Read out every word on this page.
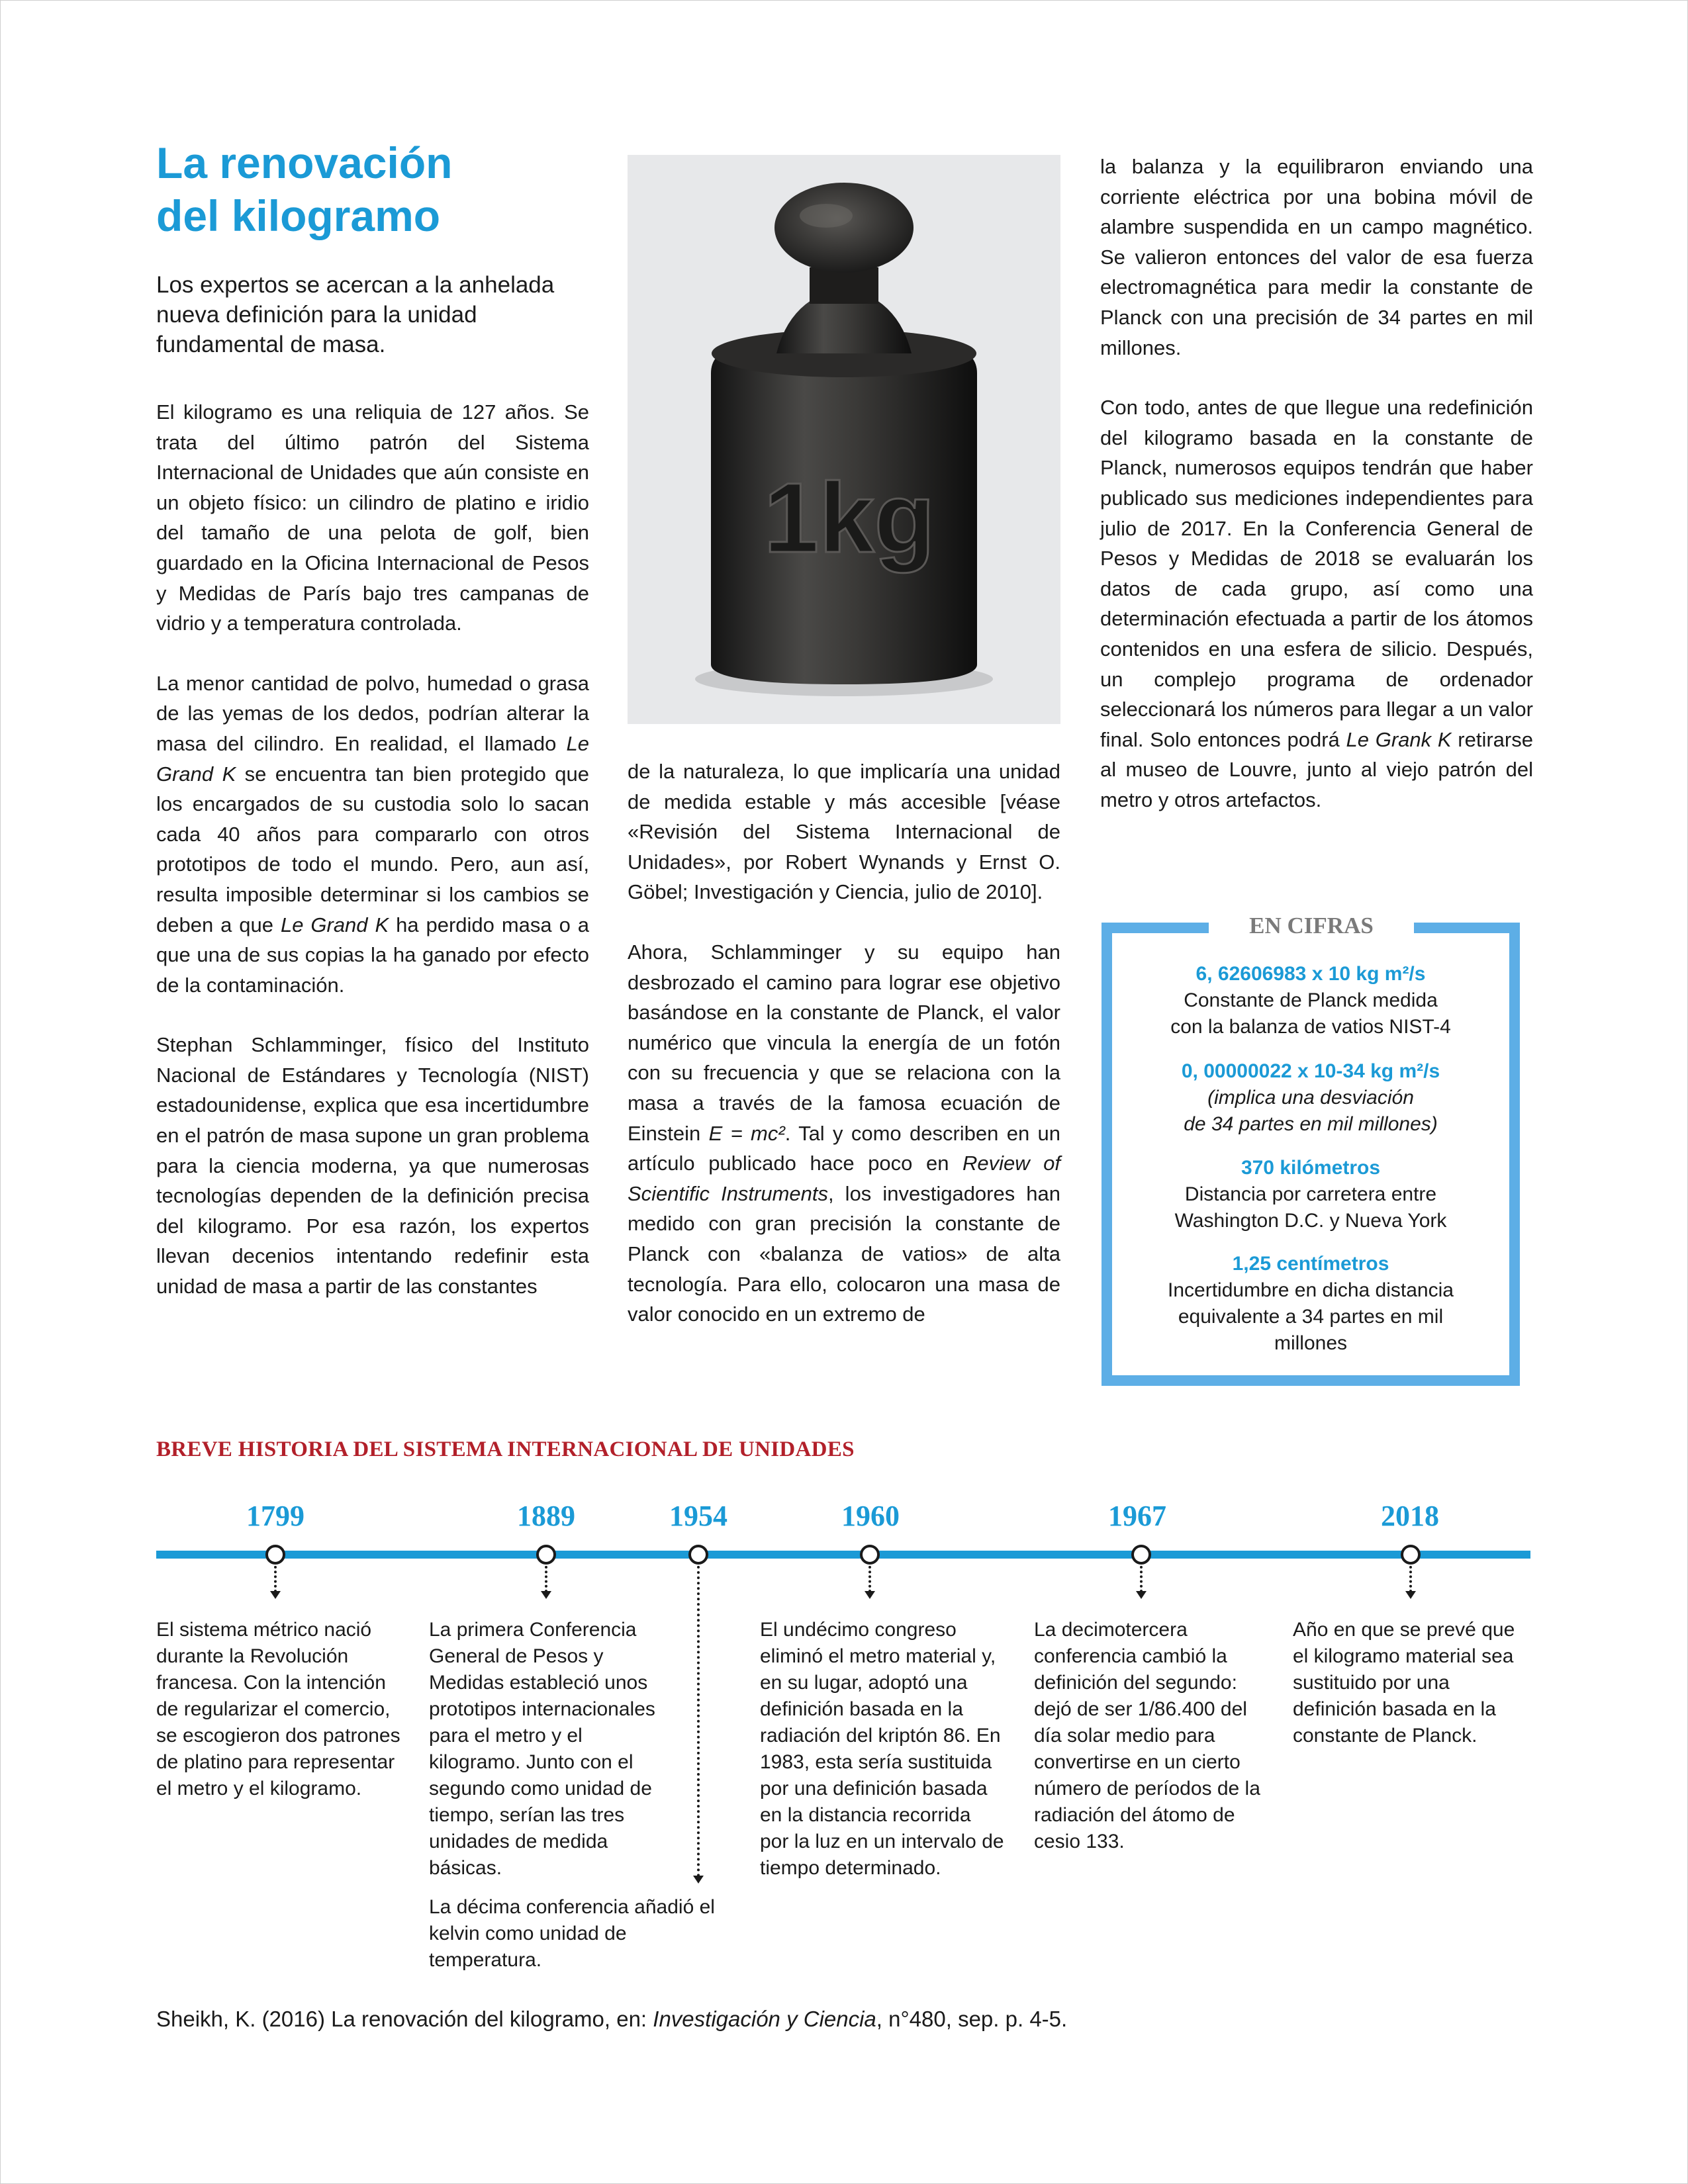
La renovación
del kilogramo
Los expertos se acercan a la anhelada nueva definición para la unidad fundamental de masa.

El kilogramo es una reliquia de 127 años. Se trata del último patrón del Sistema Internacional de Unidades que aún consiste en un objeto físico: un cilindro de platino e iridio del tamaño de una pelota de golf, bien guardado en la Oficina Internacional de Pesos y Medidas de París bajo tres campanas de vidrio y a temperatura controlada.

La menor cantidad de polvo, humedad o grasa de las yemas de los dedos, podrían alterar la masa del cilindro. En realidad, el llamado Le Grand K se encuentra tan bien protegido que los encargados de su custodia solo lo sacan cada 40 años para compararlo con otros prototipos de todo el mundo. Pero, aun así, resulta imposible determinar si los cambios se deben a que Le Grand K ha perdido masa o a que una de sus copias la ha ganado por efecto de la contaminación.

Stephan Schlamminger, físico del Instituto Nacional de Estándares y Tecnología (NIST) estadounidense, explica que esa incertidumbre en el patrón de masa supone un gran problema para la ciencia moderna, ya que numerosas tecnologías dependen de la definición precisa del kilogramo. Por esa razón, los expertos llevan decenios intentando redefinir esta unidad de masa a partir de las constantes

1kg

de la naturaleza, lo que implicaría una unidad de medida estable y más accesible [véase «Revisión del Sistema Internacional de Unidades», por Robert Wynands y Ernst O. Göbel; Investigación y Ciencia, julio de 2010].

Ahora, Schlamminger y su equipo han desbrozado el camino para lograr ese objetivo basándose en la constante de Planck, el valor numérico que vincula la energía de un fotón con su frecuencia y que se relaciona con la masa a través de la famosa ecuación de Einstein E = mc². Tal y como describen en un artículo publicado hace poco en Review of Scientific Instruments, los investigadores han medido con gran precisión la constante de Planck con «balanza de vatios» de alta tecnología. Para ello, colocaron una masa de valor conocido en un extremo de

la balanza y la equilibraron enviando una corriente eléctrica por una bobina móvil de alambre suspendida en un campo magnético. Se valieron entonces del valor de esa fuerza electromagnética para medir la constante de Planck con una precisión de 34 partes en mil millones.

Con todo, antes de que llegue una redefinición del kilogramo basada en la constante de Planck, numerosos equipos tendrán que haber publicado sus mediciones independientes para julio de 2017. En la Conferencia General de Pesos y Medidas de 2018 se evaluarán los datos de cada grupo, así como una determinación efectuada a partir de los átomos contenidos en una esfera de silicio. Después, un complejo programa de ordenador seleccionará los números para llegar a un valor final. Solo entonces podrá Le Grank K retirarse al museo de Louvre, junto al viejo patrón del metro y otros artefactos.

EN CIFRAS
6, 62606983 x 10 kg m²/s
Constante de Planck medida
con la balanza de vatios NIST-4
0, 00000022 x 10-34 kg m²/s
(implica una desviación
de 34 partes en mil millones)
370 kilómetros
Distancia por carretera entre
Washington D.C. y Nueva York
1,25 centímetros
Incertidumbre en dicha distancia
equivalente a 34 partes en mil
millones
BREVE HISTORIA DEL SISTEMA INTERNACIONAL DE UNIDADES
1799

El sistema métrico nació durante la Revolución francesa. Con la intención de regularizar el comercio, se escogieron dos patrones de platino para representar el metro y el kilogramo.

1889

La primera Conferencia General de Pesos y Medidas estableció unos prototipos internacionales para el metro y el kilogramo. Junto con el segundo como unidad de tiempo, serían las tres unidades de medida básicas.

1954

La décima conferencia añadió el kelvin como unidad de temperatura.

1960

El undécimo congreso eliminó el metro material y, en su lugar, adoptó una definición basada en la radiación del kriptón 86. En 1983, esta sería sustituida por una definición basada en la distancia recorrida por la luz en un intervalo de tiempo determinado.

1967

La decimotercera conferencia cambió la definición del segundo: dejó de ser 1/86.400 del día solar medio para convertirse en un cierto número de períodos de la radiación del átomo de cesio 133.

2018

Año en que se prevé que el kilogramo material sea sustituido por una definición basada en la constante de Planck.

Sheikh, K. (2016) La renovación del kilogramo, en: Investigación y Ciencia, n°480, sep. p. 4-5.
